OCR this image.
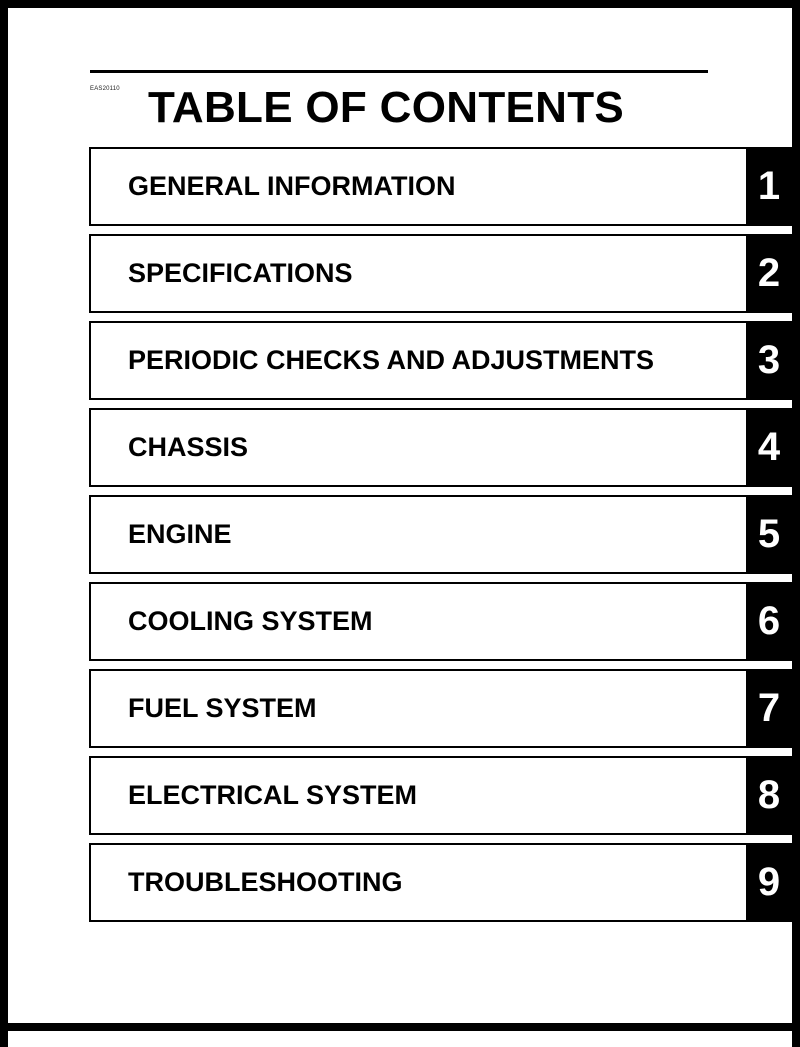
EAS20110 TABLE OF CONTENTS
GENERAL INFORMATION	1
SPECIFICATIONS	2
PERIODIC CHECKS AND ADJUSTMENTS	3
CHASSIS	4
ENGINE	5
COOLING SYSTEM	6
FUEL SYSTEM	7
ELECTRICAL SYSTEM	8
TROUBLESHOOTING	9
